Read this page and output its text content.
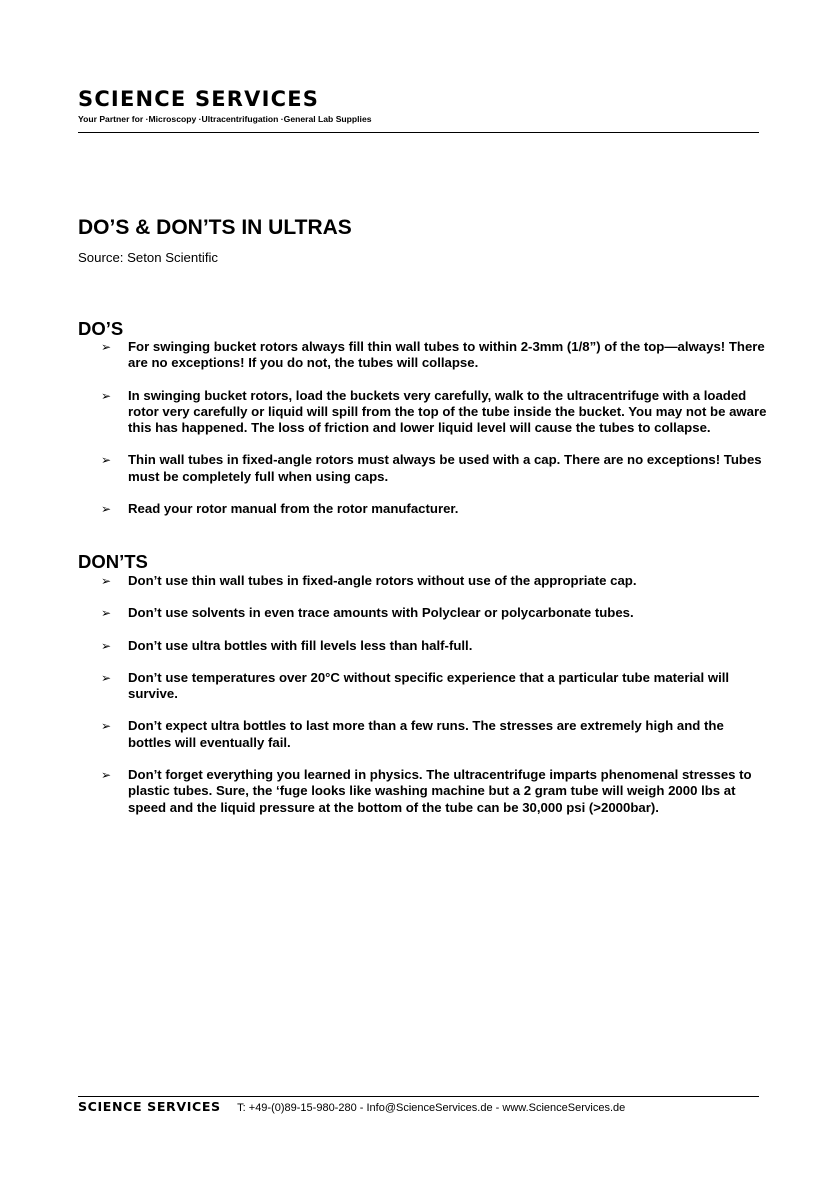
SCIENCE SERVICES
Your Partner for ·Microscopy ·Ultracentrifugation ·General Lab Supplies
DO’S & DON’TS IN ULTRAS
Source: Seton Scientific
DO’S
➢ For swinging bucket rotors always fill thin wall tubes to within 2-3mm (1/8”) of the top—always! There are no exceptions! If you do not, the tubes will collapse.
➢ In swinging bucket rotors, load the buckets very carefully, walk to the ultracentrifuge with a loaded rotor very carefully or liquid will spill from the top of the tube inside the bucket. You may not be aware this has happened. The loss of friction and lower liquid level will cause the tubes to collapse.
➢ Thin wall tubes in fixed-angle rotors must always be used with a cap. There are no exceptions! Tubes must be completely full when using caps.
➢ Read your rotor manual from the rotor manufacturer.
DON’TS
➢ Don’t use thin wall tubes in fixed-angle rotors without use of the appropriate cap.
➢ Don’t use solvents in even trace amounts with Polyclear or polycarbonate tubes.
➢ Don’t use ultra bottles with fill levels less than half-full.
➢ Don’t use temperatures over 20°C without specific experience that a particular tube material will survive.
➢ Don’t expect ultra bottles to last more than a few runs. The stresses are extremely high and the bottles will eventually fail.
➢ Don’t forget everything you learned in physics. The ultracentrifuge imparts phenomenal stresses to plastic tubes. Sure, the ‘fuge looks like washing machine but a 2 gram tube will weigh 2000 lbs at speed and the liquid pressure at the bottom of the tube can be 30,000 psi (>2000bar).
SCIENCE SERVICES T: +49-(0)89-15-980-280 - Info@ScienceServices.de - www.ScienceServices.de
